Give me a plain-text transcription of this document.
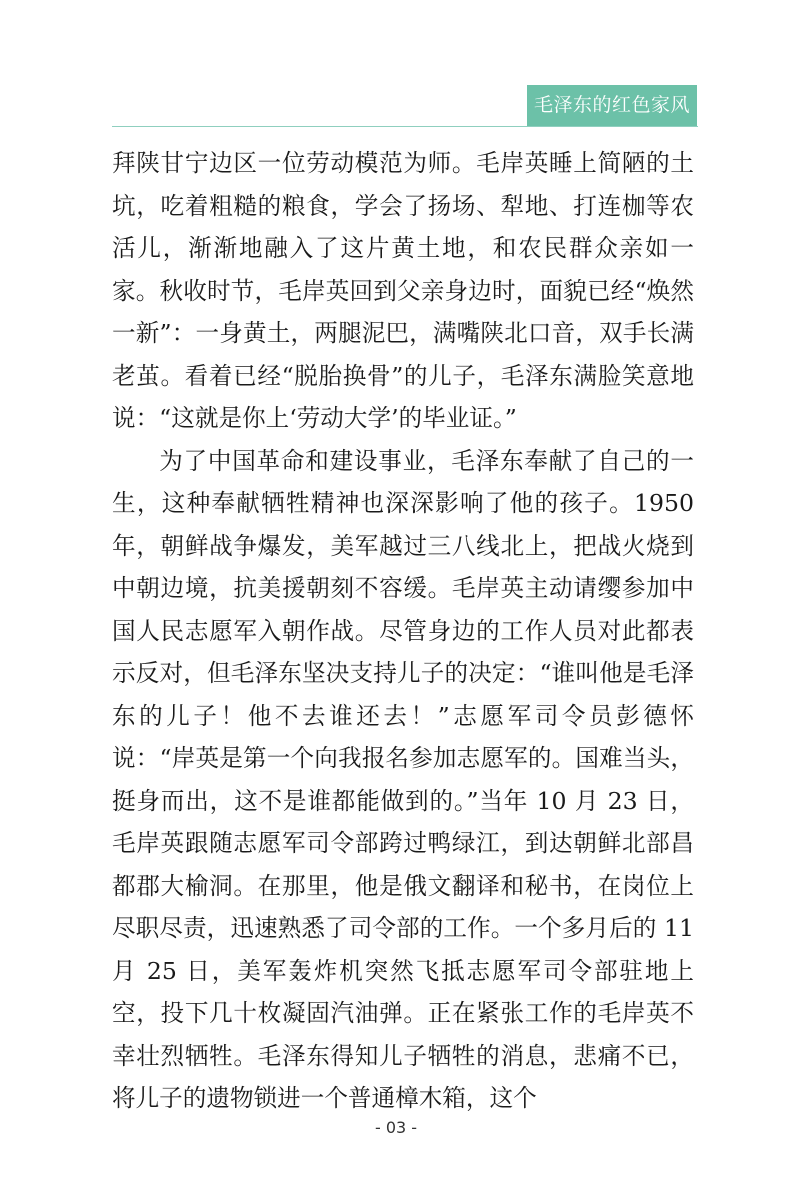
毛泽东的红色家风

拜陕甘宁边区一位劳动模范为师。毛岸英睡上简陋的土坑，吃着粗糙的粮食，学会了扬场、犁地、打连枷等农活儿，渐渐地融入了这片黄土地，和农民群众亲如一家。秋收时节，毛岸英回到父亲身边时，面貌已经“焕然一新”：一身黄土，两腿泥巴，满嘴陕北口音，双手长满老茧。看着已经“脱胎换骨”的儿子，毛泽东满脸笑意地说：“这就是你上‘劳动大学’的毕业证。”

为了中国革命和建设事业，毛泽东奉献了自己的一生，这种奉献牺牲精神也深深影响了他的孩子。1950 年，朝鲜战争爆发，美军越过三八线北上，把战火烧到中朝边境，抗美援朝刻不容缓。毛岸英主动请缨参加中国人民志愿军入朝作战。尽管身边的工作人员对此都表示反对，但毛泽东坚决支持儿子的决定：“谁叫他是毛泽东的儿子！他不去谁还去！”志愿军司令员彭德怀说：“岸英是第一个向我报名参加志愿军的。国难当头，挺身而出，这不是谁都能做到的。”当年 10 月 23 日，毛岸英跟随志愿军司令部跨过鸭绿江，到达朝鲜北部昌都郡大榆洞。在那里，他是俄文翻译和秘书，在岗位上尽职尽责，迅速熟悉了司令部的工作。一个多月后的 11 月 25 日，美军轰炸机突然飞抵志愿军司令部驻地上空，投下几十枚凝固汽油弹。正在紧张工作的毛岸英不幸壮烈牺牲。毛泽东得知儿子牺牲的消息，悲痛不已，将儿子的遗物锁进一个普通樟木箱，这个

- 03 -
